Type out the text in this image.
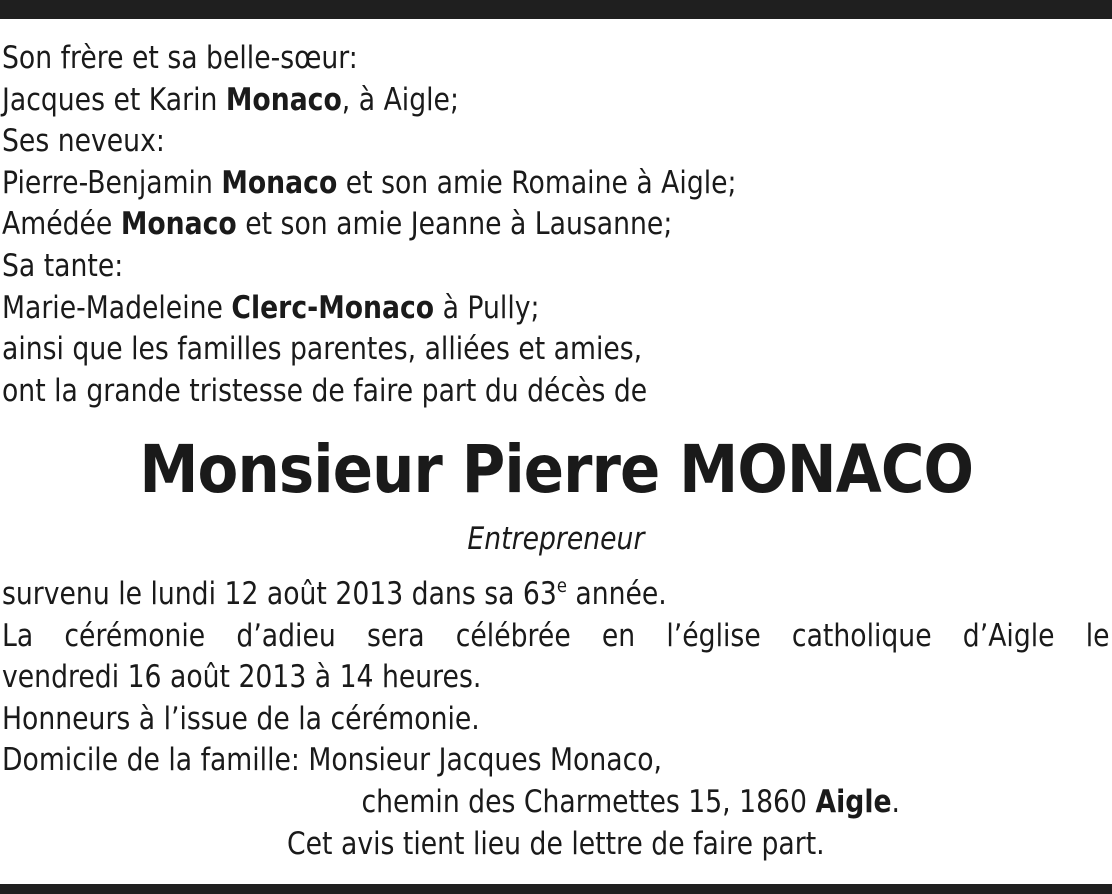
Son frère et sa belle-sœur:
Jacques et Karin Monaco, à Aigle;
Ses neveux:
Pierre-Benjamin Monaco et son amie Romaine à Aigle;
Amédée Monaco et son amie Jeanne à Lausanne;
Sa tante:
Marie-Madeleine Clerc-Monaco à Pully;
ainsi que les familles parentes, alliées et amies,
ont la grande tristesse de faire part du décès de
Monsieur Pierre MONACO
Entrepreneur
survenu le lundi 12 août 2013 dans sa 63e année.
La cérémonie d’adieu sera célébrée en l’église catholique d’Aigle le
vendredi 16 août 2013 à 14 heures.
Honneurs à l’issue de la cérémonie.
Domicile de la famille: Monsieur Jacques Monaco,
chemin des Charmettes 15, 1860 Aigle.
Cet avis tient lieu de lettre de faire part.
